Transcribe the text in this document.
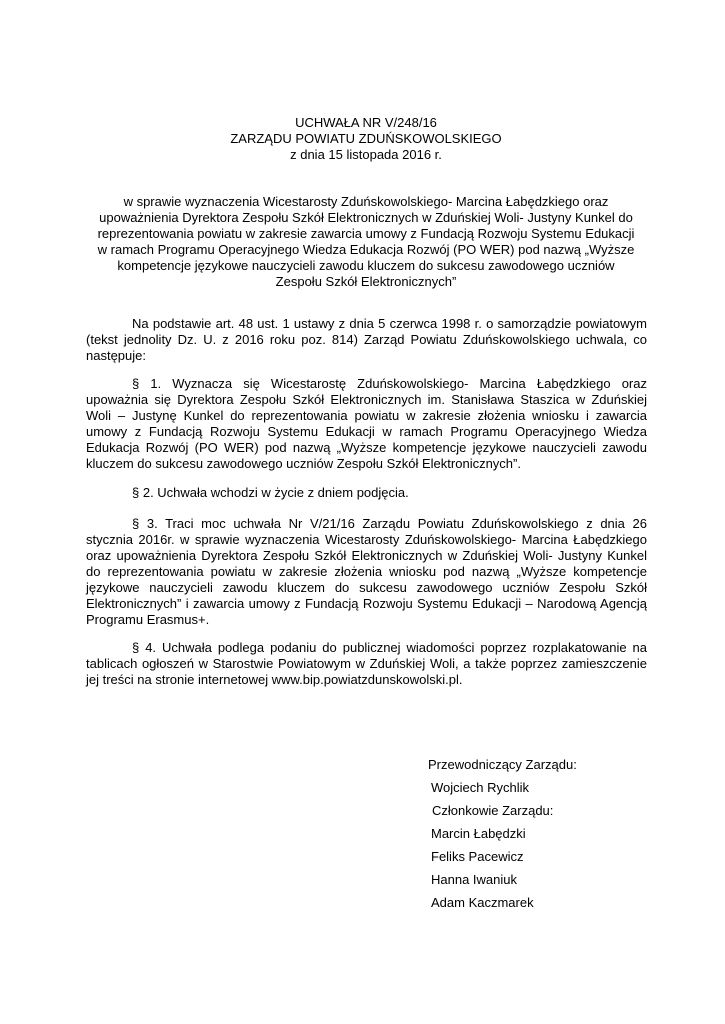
UCHWAŁA NR V/248/16
ZARZĄDU POWIATU ZDUŃSKOWOLSKIEGO
z dnia 15 listopada 2016 r.
w sprawie wyznaczenia Wicestarosty Zduńskowolskiego- Marcina Łabędzkiego oraz
upoważnienia Dyrektora Zespołu Szkół Elektronicznych w Zduńskiej Woli- Justyny Kunkel do
reprezentowania powiatu w zakresie zawarcia umowy z Fundacją Rozwoju Systemu Edukacji
w ramach Programu Operacyjnego Wiedza Edukacja Rozwój (PO WER) pod nazwą „Wyższe
kompetencje językowe nauczycieli zawodu kluczem do sukcesu zawodowego uczniów
Zespołu Szkół Elektronicznych”

Na podstawie art. 48 ust. 1 ustawy z dnia 5 czerwca 1998 r. o samorządzie powiatowym (tekst jednolity Dz. U. z 2016 roku poz. 814) Zarząd Powiatu Zduńskowolskiego uchwala, co następuje:

§ 1. Wyznacza się Wicestarostę Zduńskowolskiego- Marcina Łabędzkiego oraz upoważnia się Dyrektora Zespołu Szkół Elektronicznych im. Stanisława Staszica w Zduńskiej Woli – Justynę Kunkel do reprezentowania powiatu w zakresie złożenia wniosku i zawarcia umowy z Fundacją Rozwoju Systemu Edukacji w ramach Programu Operacyjnego Wiedza Edukacja Rozwój (PO WER) pod nazwą „Wyższe kompetencje językowe nauczycieli zawodu kluczem do sukcesu zawodowego uczniów Zespołu Szkół Elektronicznych”.

§ 2. Uchwała wchodzi w życie z dniem podjęcia.

§ 3. Traci moc uchwała Nr V/21/16 Zarządu Powiatu Zduńskowolskiego z dnia 26 stycznia 2016r. w sprawie wyznaczenia Wicestarosty Zduńskowolskiego- Marcina Łabędzkiego oraz upoważnienia Dyrektora Zespołu Szkół Elektronicznych w Zduńskiej Woli- Justyny Kunkel do reprezentowania powiatu w zakresie złożenia wniosku pod nazwą „Wyższe kompetencje językowe nauczycieli zawodu kluczem do sukcesu zawodowego uczniów Zespołu Szkół Elektronicznych” i zawarcia umowy z Fundacją Rozwoju Systemu Edukacji – Narodową Agencją Programu Erasmus+.

§ 4. Uchwała podlega podaniu do publicznej wiadomości poprzez rozplakatowanie na tablicach ogłoszeń w Starostwie Powiatowym w Zduńskiej Woli, a także poprzez zamieszczenie jej treści na stronie internetowej www.bip.powiatzdunskowolski.pl.

Przewodniczący Zarządu:
Wojciech Rychlik
Członkowie Zarządu:
Marcin Łabędzki
Feliks Pacewicz
Hanna Iwaniuk
Adam Kaczmarek
